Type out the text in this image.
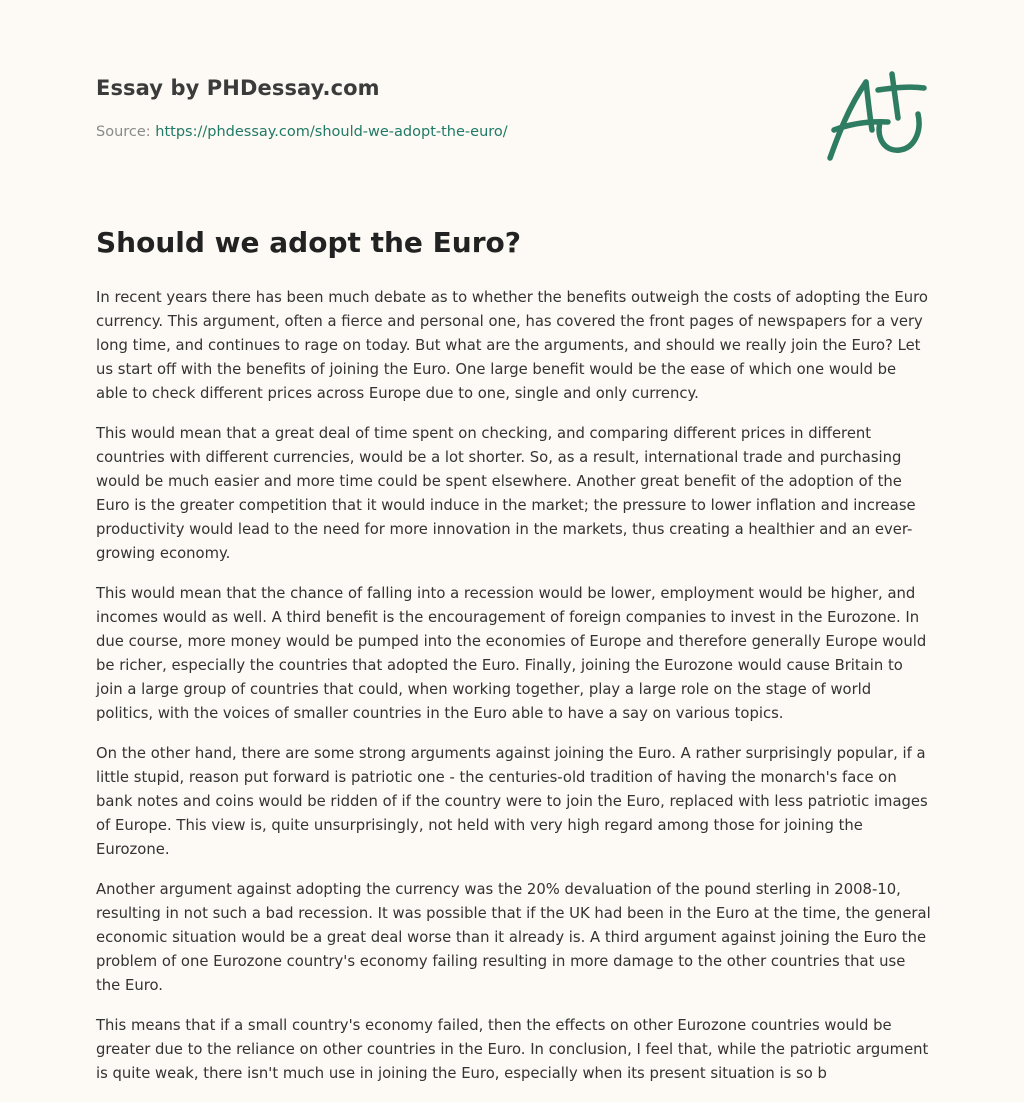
Essay by PHDessay.com
Source: https://phdessay.com/should-we-adopt-the-euro/
Should we adopt the Euro?

In recent years there has been much debate as to whether the benefits outweigh the costs of adopting the Euro currency. This argument, often a fierce and personal one, has covered the front pages of newspapers for a very long time, and continues to rage on today. But what are the arguments, and should we really join the Euro? Let us start off with the benefits of joining the Euro. One large benefit would be the ease of which one would be able to check different prices across Europe due to one, single and only currency.

This would mean that a great deal of time spent on checking, and comparing different prices in different countries with different currencies, would be a lot shorter. So, as a result, international trade and purchasing would be much easier and more time could be spent elsewhere. Another great benefit of the adoption of the Euro is the greater competition that it would induce in the market; the pressure to lower inflation and increase productivity would lead to the need for more innovation in the markets, thus creating a healthier and an ever-growing economy.

This would mean that the chance of falling into a recession would be lower, employment would be higher, and incomes would as well. A third benefit is the encouragement of foreign companies to invest in the Eurozone. In due course, more money would be pumped into the economies of Europe and therefore generally Europe would be richer, especially the countries that adopted the Euro. Finally, joining the Eurozone would cause Britain to join a large group of countries that could, when working together, play a large role on the stage of world politics, with the voices of smaller countries in the Euro able to have a say on various topics.

On the other hand, there are some strong arguments against joining the Euro. A rather surprisingly popular, if a little stupid, reason put forward is patriotic one - the centuries-old tradition of having the monarch's face on bank notes and coins would be ridden of if the country were to join the Euro, replaced with less patriotic images of Europe. This view is, quite unsurprisingly, not held with very high regard among those for joining the Eurozone.

Another argument against adopting the currency was the 20% devaluation of the pound sterling in 2008-10, resulting in not such a bad recession. It was possible that if the UK had been in the Euro at the time, the general economic situation would be a great deal worse than it already is. A third argument against joining the Euro the problem of one Eurozone country's economy failing resulting in more damage to the other countries that use the Euro.

This means that if a small country's economy failed, then the effects on other Eurozone countries would be greater due to the reliance on other countries in the Euro. In conclusion, I feel that, while the patriotic argument is quite weak, there isn't much use in joining the Euro, especially when its present situation is so b
